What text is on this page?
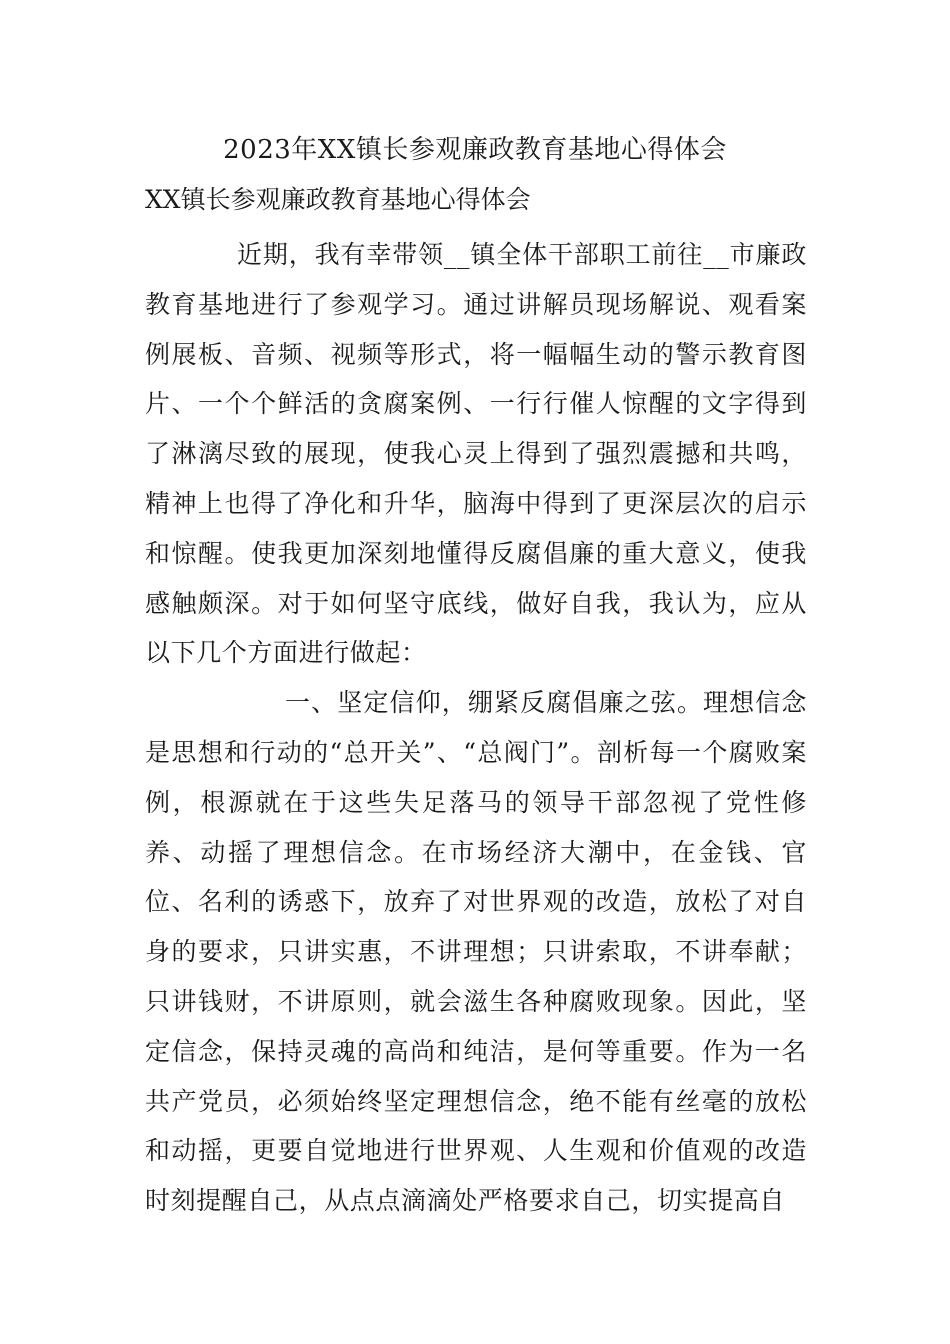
2023年XX镇长参观廉政教育基地心得体会
XX镇长参观廉政教育基地心得体会

近期，我有幸带领__镇全体干部职工前往__市廉政教育基地进行了参观学习。通过讲解员现场解说、观看案例展板、音频、视频等形式，将一幅幅生动的警示教育图片、一个个鲜活的贪腐案例、一行行催人惊醒的文字得到了淋漓尽致的展现，使我心灵上得到了强烈震撼和共鸣，精神上也得了净化和升华，脑海中得到了更深层次的启示和惊醒。使我更加深刻地懂得反腐倡廉的重大意义，使我感触颇深。对于如何坚守底线，做好自我，我认为，应从以下几个方面进行做起：

一、坚定信仰，绷紧反腐倡廉之弦。理想信念是思想和行动的“总开关”、“总阀门”。剖析每一个腐败案例，根源就在于这些失足落马的领导干部忽视了党性修养、动摇了理想信念。在市场经济大潮中，在金钱、官位、名利的诱惑下，放弃了对世界观的改造，放松了对自身的要求，只讲实惠，不讲理想；只讲索取，不讲奉献；只讲钱财，不讲原则，就会滋生各种腐败现象。因此，坚定信念，保持灵魂的高尚和纯洁，是何等重要。作为一名共产党员，必须始终坚定理想信念，绝不能有丝毫的放松和动摇，更要自觉地进行世界观、人生观和价值观的改造时刻提醒自己，从点点滴滴处严格要求自己，切实提高自
